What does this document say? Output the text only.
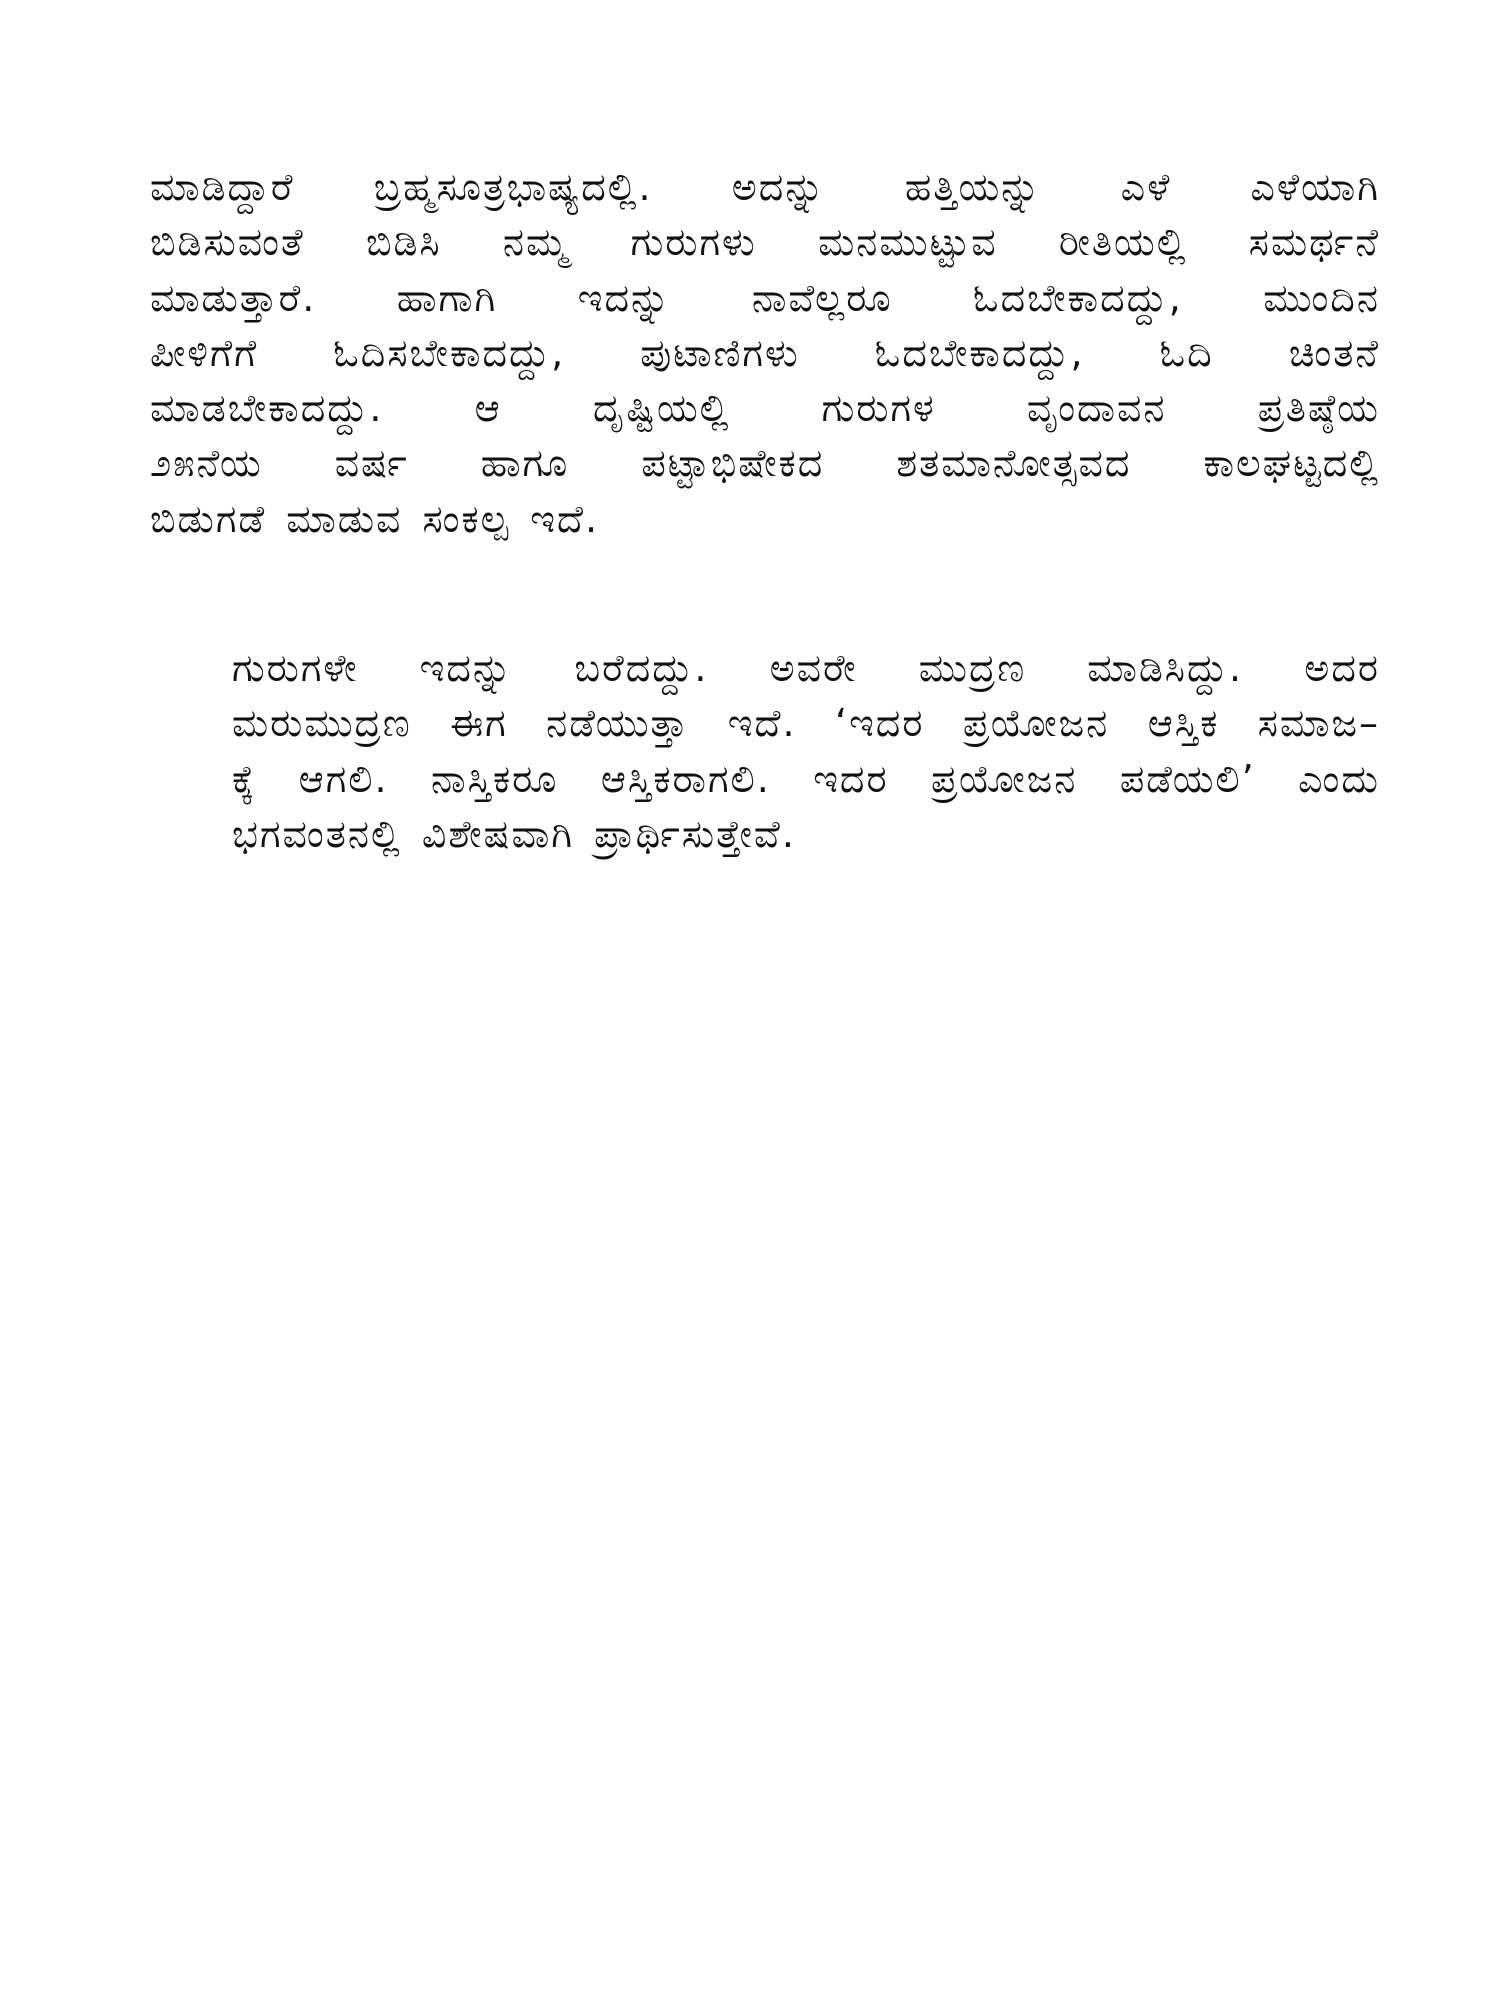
ಮಾಡಿದ್ದಾರೆ ಬ್ರಹ್ಮಸೂತ್ರಭಾಷ್ಯದಲ್ಲಿ. ಅದನ್ನು ಹತ್ತಿಯನ್ನು ಎಳೆ ಎಳೆಯಾಗಿ
ಬಿಡಿಸುವಂತೆ ಬಿಡಿಸಿ ನಮ್ಮ ಗುರುಗಳು ಮನಮುಟ್ಟುವ ರೀತಿಯಲ್ಲಿ ಸಮರ್ಥನೆ
ಮಾಡುತ್ತಾರೆ. ಹಾಗಾಗಿ ಇದನ್ನು ನಾವೆಲ್ಲರೂ ಓದಬೇಕಾದದ್ದು, ಮುಂದಿನ
ಪೀಳಿಗೆಗೆ ಓದಿಸಬೇಕಾದದ್ದು, ಪುಟಾಣಿಗಳು ಓದಬೇಕಾದದ್ದು, ಓದಿ ಚಿಂತನೆ
ಮಾಡಬೇಕಾದದ್ದು. ಆ ದೃಷ್ಟಿಯಲ್ಲಿ ಗುರುಗಳ ವೃಂದಾವನ ಪ್ರತಿಷ್ಠೆಯ
೨೫ನೆಯ ವರ್ಷ ಹಾಗೂ ಪಟ್ಟಾಭಿಷೇಕದ ಶತಮಾನೋತ್ಸವದ ಕಾಲಘಟ್ಟದಲ್ಲಿ
ಬಿಡುಗಡೆ ಮಾಡುವ ಸಂಕಲ್ಪ ಇದೆ.
ಗುರುಗಳೇ ಇದನ್ನು ಬರೆದದ್ದು. ಅವರೇ ಮುದ್ರಣ ಮಾಡಿಸಿದ್ದು. ಅದರ
ಮರುಮುದ್ರಣ ಈಗ ನಡೆಯುತ್ತಾ ಇದೆ. ‘ಇದರ ಪ್ರಯೋಜನ ಆಸ್ತಿಕ ಸಮಾಜ–
ಕ್ಕೆ ಆಗಲಿ. ನಾಸ್ತಿಕರೂ ಆಸ್ತಿಕರಾಗಲಿ. ಇದರ ಪ್ರಯೋಜನ ಪಡೆಯಲಿ’ ಎಂದು
ಭಗವಂತನಲ್ಲಿ ವಿಶೇಷವಾಗಿ ಪ್ರಾರ್ಥಿಸುತ್ತೇವೆ.
